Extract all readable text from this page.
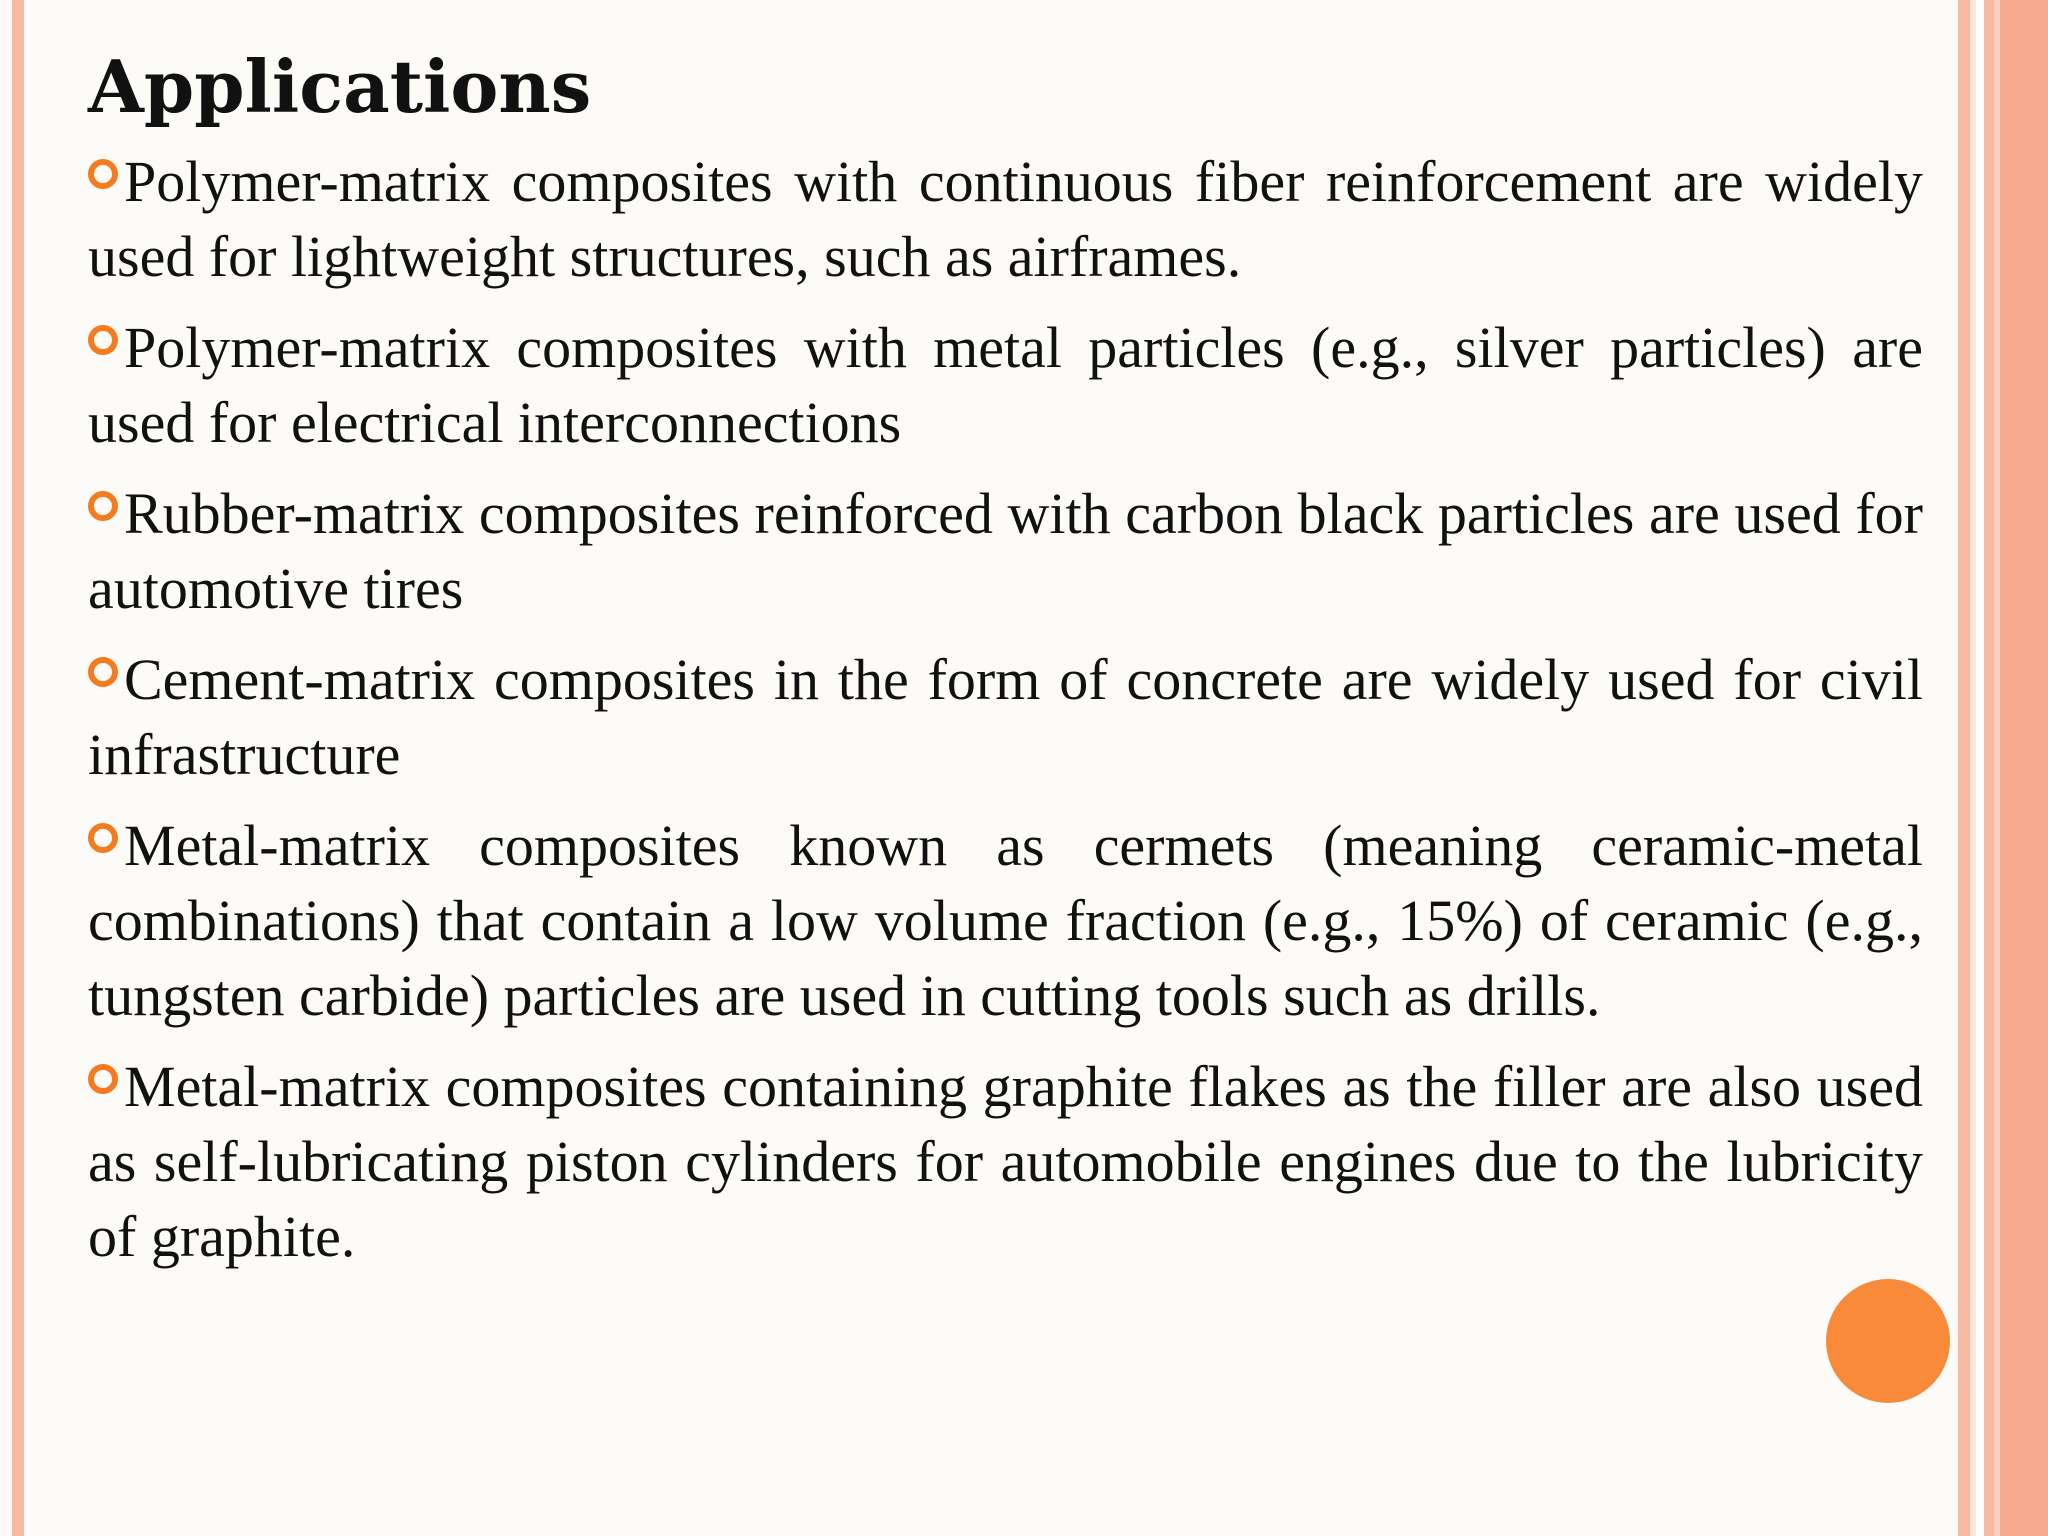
Applications
Polymer-matrix composites with continuous fiber reinforcement are widely used for lightweight structures, such as airframes.
Polymer-matrix composites with metal particles (e.g., silver particles) are used for electrical interconnections
Rubber-matrix composites reinforced with carbon black particles are used for automotive tires
Cement-matrix composites in the form of concrete are widely used for civil infrastructure
Metal-matrix composites known as cermets (meaning ceramic-metal combinations) that contain a low volume fraction (e.g., 15%) of ceramic (e.g., tungsten carbide) particles are used in cutting tools such as drills.
Metal-matrix composites containing graphite flakes as the filler are also used as self-lubricating piston cylinders for automobile engines due to the lubricity of graphite.
